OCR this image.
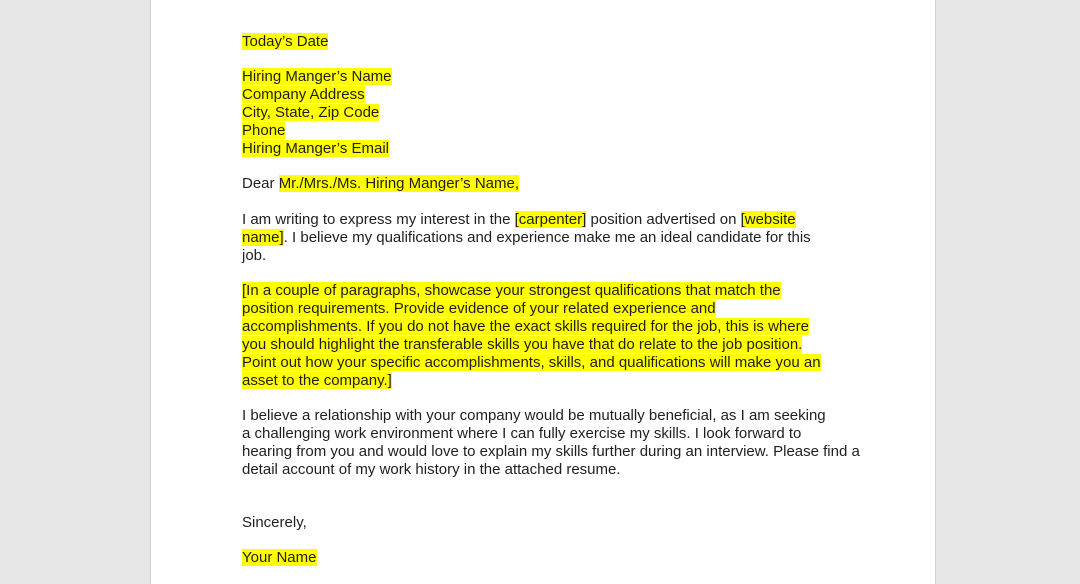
Today’s Date
Hiring Manger’s Name
Company Address
City, State, Zip Code
Phone
Hiring Manger’s Email
Dear Mr./Mrs./Ms. Hiring Manger’s Name,
I am writing to express my interest in the [carpenter] position advertised on [website
name]. I believe my qualifications and experience make me an ideal candidate for this
job.
[In a couple of paragraphs, showcase your strongest qualifications that match the
position requirements. Provide evidence of your related experience and
accomplishments. If you do not have the exact skills required for the job, this is where
you should highlight the transferable skills you have that do relate to the job position.
Point out how your specific accomplishments, skills, and qualifications will make you an
asset to the company.]
I believe a relationship with your company would be mutually beneficial, as I am seeking
a challenging work environment where I can fully exercise my skills. I look forward to
hearing from you and would love to explain my skills further during an interview. Please find a
detail account of my work history in the attached resume.
Sincerely,
Your Name
